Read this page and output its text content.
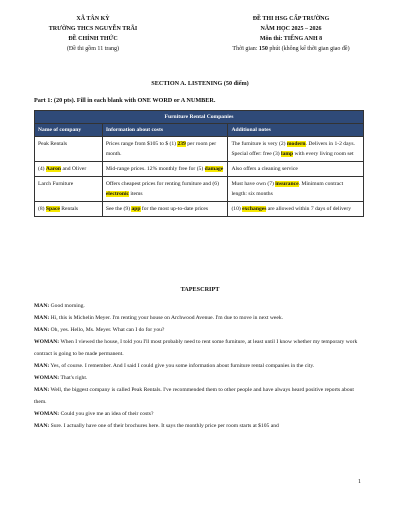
XÃ TÂN KỲ
TRƯỜNG THCS NGUYỄN TRÃI
ĐỀ CHÍNH THỨC
(Đề thi gồm 11 trang)
ĐỀ THI HSG CẤP TRƯỜNG
NĂM HỌC 2025 – 2026
Môn thi: TIẾNG ANH 8
Thời gian: 150 phút (không kể thời gian giao đề)
SECTION A. LISTENING (50 điểm)
Part 1: (20 pts). Fill in each blank with ONE WORD or A NUMBER.
Furniture Rental Companies		
Name of company	Information about costs	Additional notes
Peak Rentals	Prices range from $105 to $ (1) 239 per room per month.	The furniture is very (2) modern. Delivers in 1-2 days. Special offer: free (3) lamp with every living room set
(4) Aaron and Oliver	Mid-range prices. 12% monthly free for (5) damage	Also offers a cleaning service
Larch Furniture	Offers cheapest prices for renting furniture and (6) electronic items	Must have own (7) insurance. Minimum contract length: six months
(8) Space Rentals	See the (9) app for the most up-to-date prices	(10) exchanges are allowed within 7 days of delivery
TAPESCRIPT

MAN: Good morning.

MAN: Hi, this is Michelin Meyer. I'm renting your house on Archwood Avenue. I'm due to move in next week.

MAN: Oh, yes. Hello, Ms. Meyer. What can I do for you?

WOMAN: When I viewed the house, I told you I'll most probably need to rent some furniture, at least until I know whether my temporary work contract is going to be made permanent.

MAN: Yes, of course. I remember. And I said I could give you some information about furniture rental companies in the city.

WOMAN: That's right.

MAN: Well, the biggest company is called Peak Rentals. I've recommended them to other people and have always heard positive reports about them.

WOMAN: Could you give me an idea of their costs?

MAN: Sure. I actually have one of their brochures here. It says the monthly price per room starts at $105 and

1
